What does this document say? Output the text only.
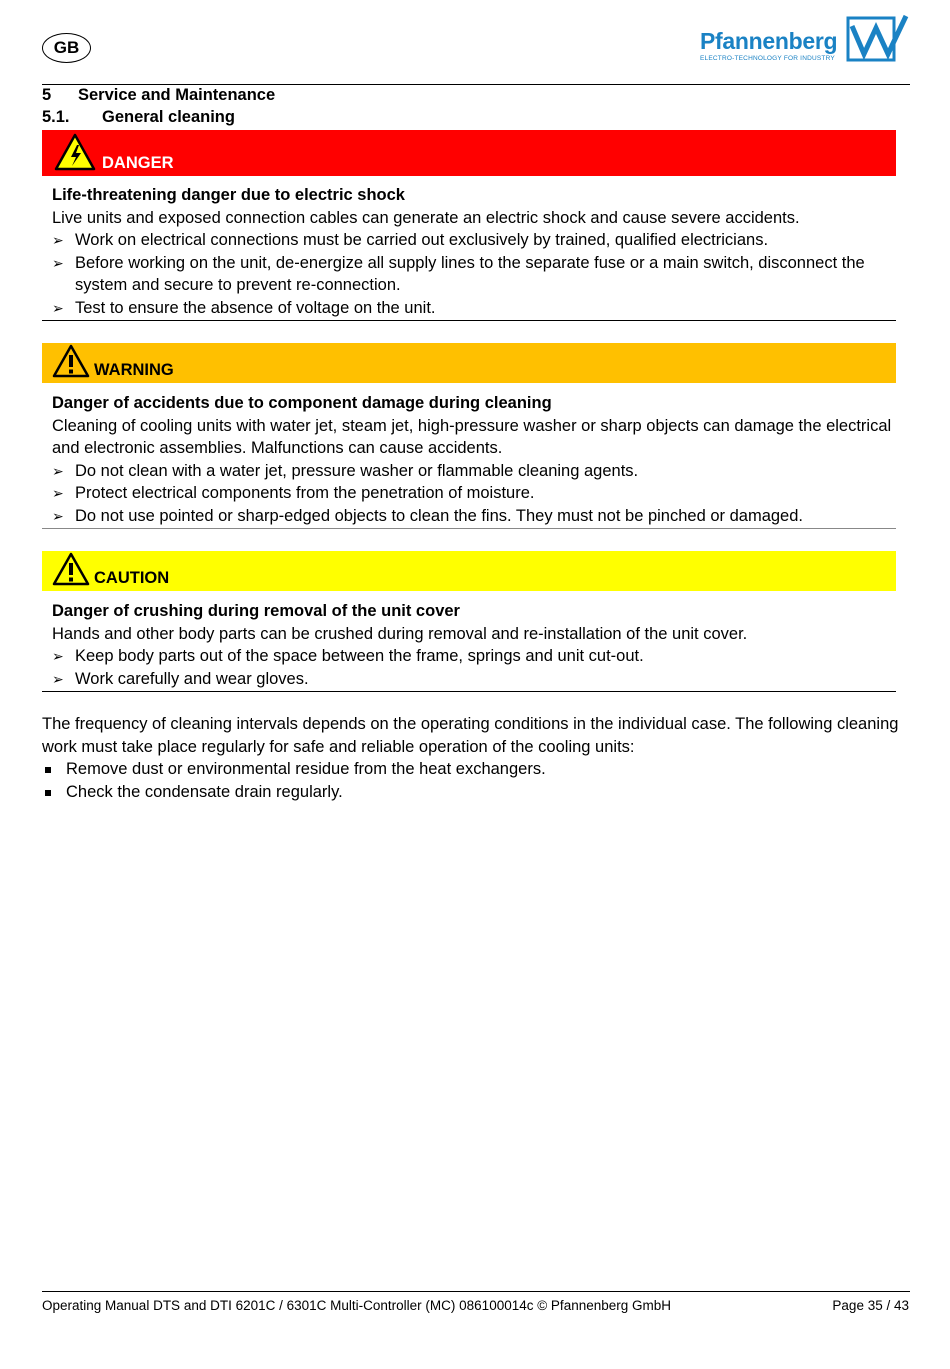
GB	Pfannenberg
ELECTRO-TECHNOLOGY FOR INDUSTRY
5 Service and Maintenance
5.1. General cleaning
DANGER
Life-threatening danger due to electric shock
Live units and exposed connection cables can generate an electric shock and cause severe accidents.
➢ Work on electrical connections must be carried out exclusively by trained, qualified electricians.
➢ Before working on the unit, de-energize all supply lines to the separate fuse or a main switch, disconnect the system and secure to prevent re-connection.
➢ Test to ensure the absence of voltage on the unit.
WARNING
Danger of accidents due to component damage during cleaning
Cleaning of cooling units with water jet, steam jet, high-pressure washer or sharp objects can damage the electrical and electronic assemblies. Malfunctions can cause accidents.
➢ Do not clean with a water jet, pressure washer or flammable cleaning agents.
➢ Protect electrical components from the penetration of moisture.
➢ Do not use pointed or sharp-edged objects to clean the fins. They must not be pinched or damaged.
CAUTION
Danger of crushing during removal of the unit cover
Hands and other body parts can be crushed during removal and re-installation of the unit cover.
➢ Keep body parts out of the space between the frame, springs and unit cut-out.
➢ Work carefully and wear gloves.
The frequency of cleaning intervals depends on the operating conditions in the individual case. The following cleaning work must take place regularly for safe and reliable operation of the cooling units:
Remove dust or environmental residue from the heat exchangers.
Check the condensate drain regularly.
Operating Manual DTS and DTI 6201C / 6301C Multi-Controller (MC) 086100014c © Pfannenberg GmbH	Page 35 / 43
